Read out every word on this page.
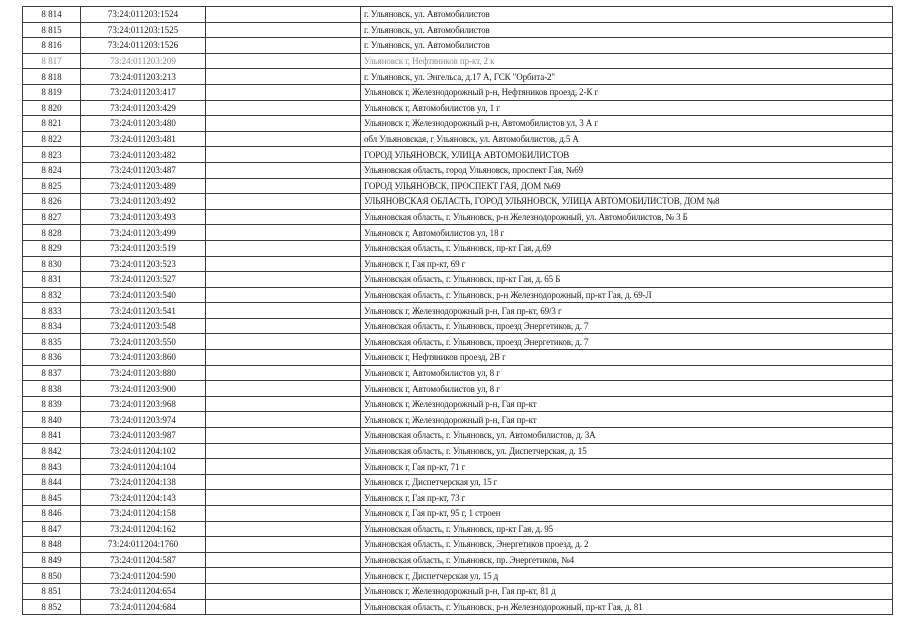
8 814	73:24:011203:1524		г. Ульяновск, ул. Автомобилистов
8 815	73:24:011203:1525		г. Ульяновск, ул. Автомобилистов
8 816	73:24:011203:1526		г. Ульяновск, ул. Автомобилистов
8 817	73:24:011203:209		Ульяновск г, Нефтяников пр-кт, 2 к
8 818	73:24:011203:213		г. Ульяновск, ул. Энгельса, д.17 А, ГСК "Орбита-2"
8 819	73:24:011203:417		Ульяновск г, Железнодорожный р-н, Нефтяников проезд, 2-К г
8 820	73:24:011203:429		Ульяновск г, Автомобилистов ул, 1 г
8 821	73:24:011203:480		Ульяновск г, Железнодорожный р-н, Автомобилистов ул, 3 А г
8 822	73:24:011203:481		обл Ульяновская, г Ульяновск, ул. Автомобилистов, д.5 А
8 823	73:24:011203:482		ГОРОД УЛЬЯНОВСК, УЛИЦА АВТОМОБИЛИСТОВ
8 824	73:24:011203:487		Ульяновская область, город Ульяновск, проспект Гая, №69
8 825	73:24:011203:489		ГОРОД УЛЬЯНОВСК, ПРОСПЕКТ ГАЯ, ДОМ №69
8 826	73:24:011203:492		УЛЬЯНОВСКАЯ ОБЛАСТЬ, ГОРОД УЛЬЯНОВСК, УЛИЦА АВТОМОБИЛИСТОВ, ДОМ №8
8 827	73:24:011203:493		Ульяновская область, г. Ульяновск, р-н Железнодорожный, ул. Автомобилистов, № 3 Б
8 828	73:24:011203:499		Ульяновск г, Автомобилистов ул, 18 г
8 829	73:24:011203:519		Ульяновская область, г. Ульяновск, пр-кт Гая, д.69
8 830	73:24:011203:523		Ульяновск г, Гая пр-кт, 69 г
8 831	73:24:011203:527		Ульяновская область, г. Ульяновск, пр-кт Гая, д. 65 Б
8 832	73:24:011203:540		Ульяновская область, г. Ульяновск, р-н Железнодорожный, пр-кт Гая, д. 69-Л
8 833	73:24:011203:541		Ульяновск г, Железнодорожный р-н, Гая пр-кт, 69/3 г
8 834	73:24:011203:548		Ульяновская область, г. Ульяновск, проезд Энергетиков, д. 7
8 835	73:24:011203:550		Ульяновская область, г. Ульяновск, проезд Энергетиков, д. 7
8 836	73:24:011203:860		Ульяновск г, Нефтяников проезд, 2В г
8 837	73:24:011203:880		Ульяновск г, Автомобилистов ул, 8 г
8 838	73:24:011203:900		Ульяновск г, Автомобилистов ул, 8 г
8 839	73:24:011203:968		Ульяновск г, Железнодорожный р-н, Гая пр-кт
8 840	73:24:011203:974		Ульяновск г, Железнодорожный р-н, Гая пр-кт
8 841	73:24:011203:987		Ульяновская область, г. Ульяновск, ул. Автомобилистов, д. 3А
8 842	73:24:011204:102		Ульяновская область, г. Ульяновск, ул. Диспетчерская, д. 15
8 843	73:24:011204:104		Ульяновск г, Гая пр-кт, 71 г
8 844	73:24:011204:138		Ульяновск г, Диспетчерская ул, 15 г
8 845	73:24:011204:143		Ульяновск г, Гая пр-кт, 73 г
8 846	73:24:011204:158		Ульяновск г, Гая пр-кт, 95 г, 1 строен
8 847	73:24:011204:162		Ульяновская область, г. Ульяновск, пр-кт Гая, д. 95
8 848	73:24:011204:1760		Ульяновская область, г. Ульяновск, Энергетиков проезд, д. 2
8 849	73:24:011204:587		Ульяновская область, г. Ульяновск, пр. Энергетиков, №4
8 850	73:24:011204:590		Ульяновск г, Диспетчерская ул, 15 д
8 851	73:24:011204:654		Ульяновск г, Железнодорожный р-н, Гая пр-кт, 81 д
8 852	73:24:011204:684		Ульяновская область, г. Ульяновск, р-н Железнодорожный, пр-кт Гая, д. 81
